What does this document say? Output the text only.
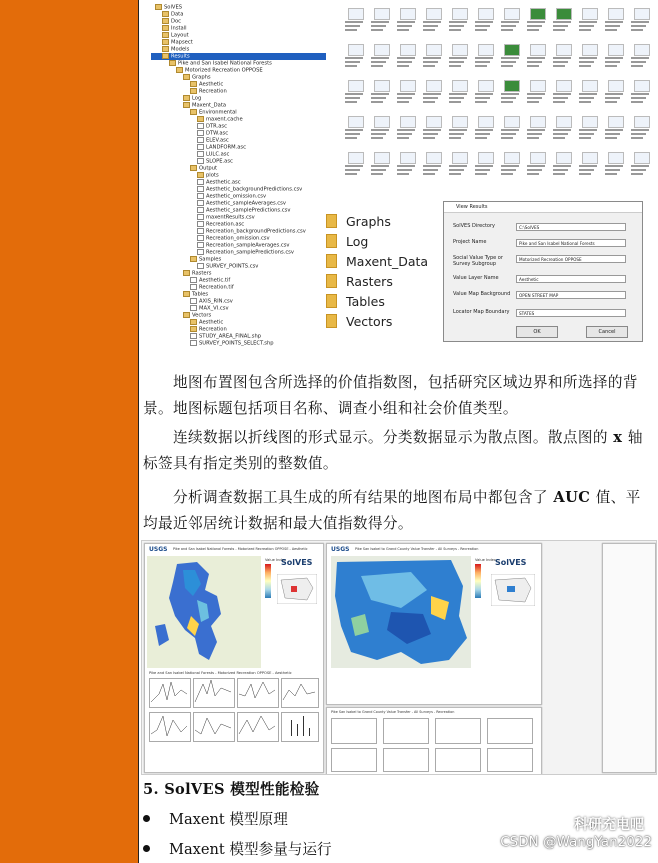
SolVES
Data
Doc
Install
Layout
Mapsect
Models
Results
Pike and San Isabel National Forests
Motorized Recreation OPPOSE
Graphs
Aesthetic
Recreation
Log
Maxent_Data
Environmental
maxent.cache
DTR.asc
DTW.asc
ELEV.asc
LANDFORM.asc
LULC.asc
SLOPE.asc
Output
plots
Aesthetic.asc
Aesthetic_backgroundPredictions.csv
Aesthetic_omission.csv
Aesthetic_sampleAverages.csv
Aesthetic_samplePredictions.csv
maxentResults.csv
Recreation.asc
Recreation_backgroundPredictions.csv
Recreation_omission.csv
Recreation_sampleAverages.csv
Recreation_samplePredictions.csv
Samples
SURVEY_POINTS.csv
Rasters
Aesthetic.tif
Recreation.tif
Tables
AXIS_RIN.csv
MAX_VI.csv
Vectors
Aesthetic
Recreation
STUDY_AREA_FINAL.shp
SURVEY_POINTS_SELECT.shp
Graphs
Log
Maxent_Data
Rasters
Tables
Vectors
View Results
SolVES Directory	C:\SolVES
Project Name	Pike and San Isabel National Forests
Social Value Type or Survey Subgroup
Motorized Recreation OPPOSE
Value Layer Name	Aesthetic
Value Map Background	OPEN STREET MAP
Locator Map Boundary	STATES
OK	Cancel
地图布置图包含所选择的价值指数图，包括研究区域边界和所选择的背景。地图标题包括项目名称、调查小组和社会价值类型。
连续数据以折线图的形式显示。分类数据显示为散点图。散点图的 x 轴标签具有指定类别的整数值。
分析调查数据工具生成的所有结果的地图布局中都包含了 AUC 值、平均最近邻居统计数据和最大值指数得分。
USGS Pike and San Isabel National Forests - Motorized Recreation OPPOSE - Aesthetic
Value Index
SolVES
Pike and San Isabel National Forests - Motorized Recreation OPPOSE - Aesthetic
USGS Pike San Isabel to Grand County Value Transfer - All Surveys - Recreation
Value Index SolVES
Pike San Isabel to Grand County Value Transfer - All Surveys - Recreation
5. SolVES 模型性能检验
Maxent 模型原理
Maxent 模型参量与运行
科研充电吧
CSDN @WangYan2022
